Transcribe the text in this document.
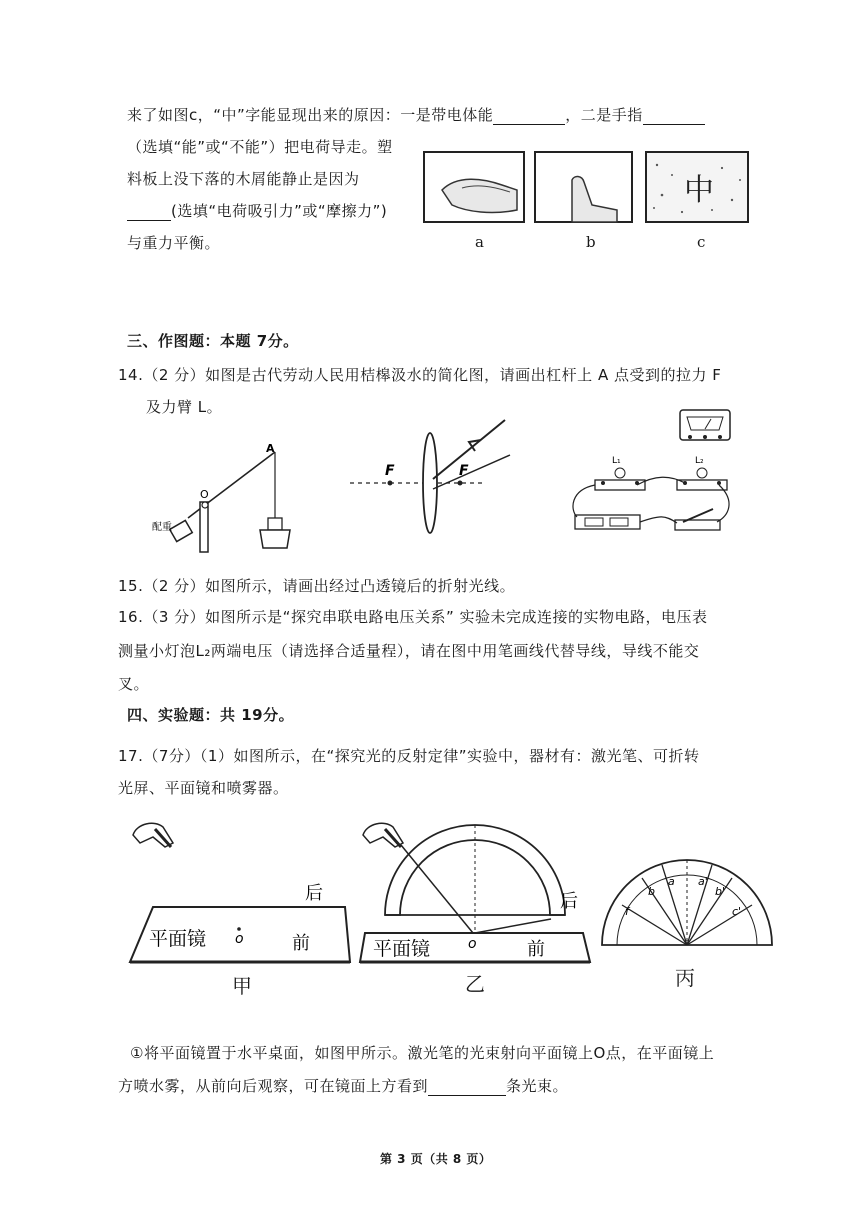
来了如图c，“中”字能显现出来的原因：一是带电体能	，二是手指
（选填“能”或“不能”）把电荷导走。塑
料板上没下落的木屑能静止是因为
(选填“电荷吸引力”或“摩擦力”)
与重力平衡。
中
a	b	c
三、作图题：本题 7分。
14.（2 分）如图是古代劳动人民用桔槔汲水的简化图，请画出杠杆上 A 点受到的拉力 F
及力臂 L。
A
O
配重
F	F
L₁	L₂
15.（2 分）如图所示，请画出经过凸透镜后的折射光线。
16.（3 分）如图所示是“探究串联电路电压关系” 实验未完成连接的实物电路，电压表
测量小灯泡L₂两端电压（请选择合适量程），请在图中用笔画线代替导线，导线不能交
叉。
四、实验题：共 19分。
17.（7分）（1）如图所示，在“探究光的反射定律”实验中，器材有：激光笔、可折转
光屏、平面镜和喷雾器。
平面镜 o	前
后
甲
平面镜	o	前
后
乙
f
b
a a'
b'
c'
丙
①将平面镜置于水平桌面，如图甲所示。激光笔的光束射向平面镜上O点，在平面镜上
方喷水雾，从前向后观察，可在镜面上方看到	条光束。
第 3 页（共 8 页）
